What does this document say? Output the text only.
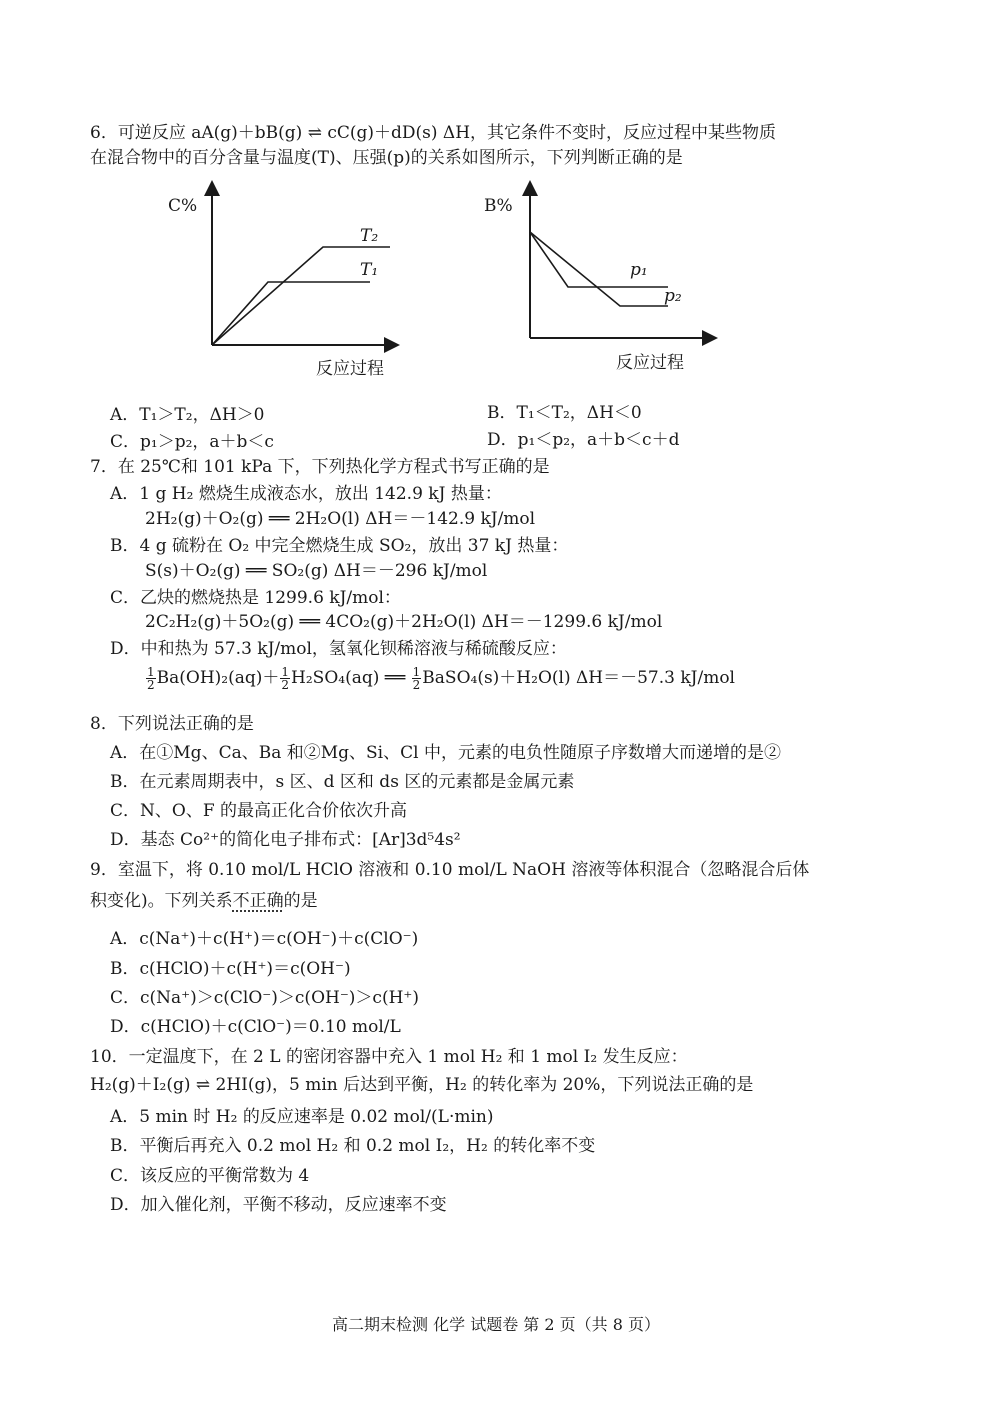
6．可逆反应 aA(g)＋bB(g) ⇌ cC(g)＋dD(s) ΔH，其它条件不变时，反应过程中某些物质
在混合物中的百分含量与温度(T)、压强(p)的关系如图所示，下列判断正确的是
C%
T₂
T₁
反应过程
B%
p₁
p₂
反应过程
A．T₁＞T₂，ΔH＞0	B．T₁＜T₂，ΔH＜0
C．p₁＞p₂，a＋b＜c	D．p₁＜p₂，a＋b＜c＋d
7．在 25℃和 101 kPa 下，下列热化学方程式书写正确的是
A．1 g H₂ 燃烧生成液态水，放出 142.9 kJ 热量：
2H₂(g)＋O₂(g) ══ 2H₂O(l) ΔH＝－142.9 kJ/mol
B．4 g 硫粉在 O₂ 中完全燃烧生成 SO₂，放出 37 kJ 热量：
S(s)＋O₂(g) ══ SO₂(g) ΔH＝－296 kJ/mol
C．乙炔的燃烧热是 1299.6 kJ/mol：
2C₂H₂(g)＋5O₂(g) ══ 4CO₂(g)＋2H₂O(l) ΔH＝－1299.6 kJ/mol
D．中和热为 57.3 kJ/mol，氢氧化钡稀溶液与稀硫酸反应：
$\frac{1}{2} Ba(OH)_2(aq)+ \frac{1}{2} H_2SO_4(aq)$ ══ $\frac{1}{2}$ BaSO₄(s)＋H₂O(l) ΔH＝－57.3 kJ/mol
8．下列说法正确的是
A．在①Mg、Ca、Ba 和②Mg、Si、Cl 中，元素的电负性随原子序数增大而递增的是②
B．在元素周期表中，s 区、d 区和 ds 区的元素都是金属元素
C．N、O、F 的最高正化合价依次升高
D．基态 Co²⁺的简化电子排布式：[Ar]3d⁵4s²
9．室温下，将 0.10 mol/L HClO 溶液和 0.10 mol/L NaOH 溶液等体积混合（忽略混合后体
积变化)。下列关系不正确的是
A．c(Na⁺)＋c(H⁺)＝c(OH⁻)＋c(ClO⁻)
B．c(HClO)＋c(H⁺)＝c(OH⁻)
C．c(Na⁺)＞c(ClO⁻)＞c(OH⁻)＞c(H⁺)
D．c(HClO)＋c(ClO⁻)＝0.10 mol/L
10．一定温度下，在 2 L 的密闭容器中充入 1 mol H₂ 和 1 mol I₂ 发生反应：
H₂(g)＋I₂(g) ⇌ 2HI(g)，5 min 后达到平衡，H₂ 的转化率为 20%，下列说法正确的是
A．5 min 时 H₂ 的反应速率是 0.02 mol/(L·min)
B．平衡后再充入 0.2 mol H₂ 和 0.2 mol I₂，H₂ 的转化率不变
C．该反应的平衡常数为 4
D．加入催化剂，平衡不移动，反应速率不变
高二期末检测 化学 试题卷 第 2 页（共 8 页）
